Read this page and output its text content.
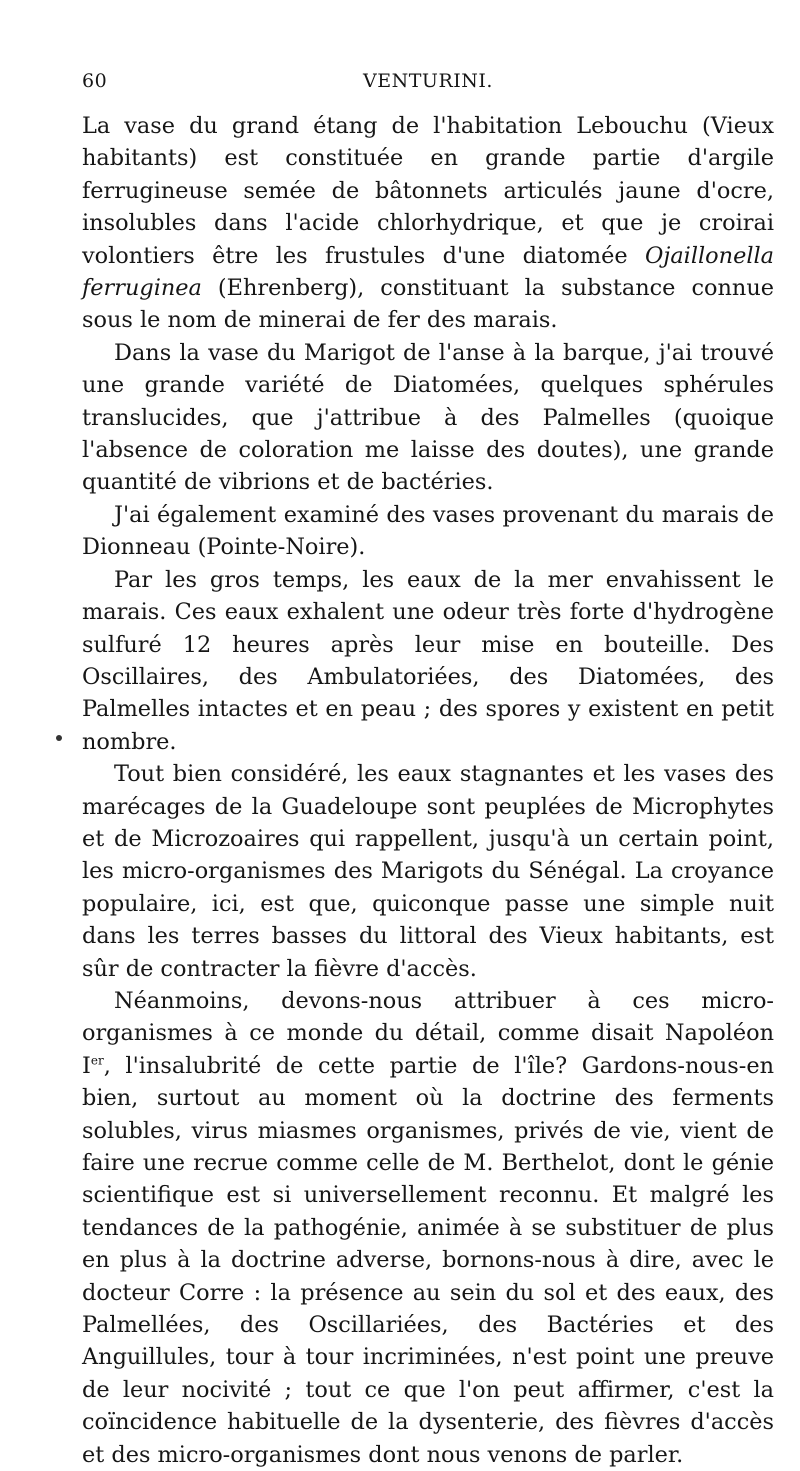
60	VENTURINI.

La vase du grand étang de l'habitation Lebouchu (Vieux habitants) est constituée en grande partie d'argile ferrugineuse semée de bâtonnets articulés jaune d'ocre, insolubles dans l'acide chlorhydrique, et que je croirai volontiers être les frustules d'une diatomée Ojaillonella ferruginea (Ehrenberg), constituant la substance connue sous le nom de minerai de fer des marais.

Dans la vase du Marigot de l'anse à la barque, j'ai trouvé une grande variété de Diatomées, quelques sphérules translucides, que j'attribue à des Palmelles (quoique l'absence de coloration me laisse des doutes), une grande quantité de vibrions et de bactéries.

J'ai également examiné des vases provenant du marais de Dionneau (Pointe-Noire).

Par les gros temps, les eaux de la mer envahissent le marais. Ces eaux exhalent une odeur très forte d'hydrogène sulfuré 12 heures après leur mise en bouteille. Des Oscillaires, des Ambulatoriées, des Diatomées, des Palmelles intactes et en peau ; des spores y existent en petit nombre.

Tout bien considéré, les eaux stagnantes et les vases des marécages de la Guadeloupe sont peuplées de Microphytes et de Microzoaires qui rappellent, jusqu'à un certain point, les micro-organismes des Marigots du Sénégal. La croyance populaire, ici, est que, quiconque passe une simple nuit dans les terres basses du littoral des Vieux habitants, est sûr de contracter la fièvre d'accès.

Néanmoins, devons-nous attribuer à ces micro-organismes à ce monde du détail, comme disait Napoléon Ier, l'insalubrité de cette partie de l'île? Gardons-nous-en bien, surtout au moment où la doctrine des ferments solubles, virus miasmes organismes, privés de vie, vient de faire une recrue comme celle de M. Berthelot, dont le génie scientifique est si universellement reconnu. Et malgré les tendances de la pathogénie, animée à se substituer de plus en plus à la doctrine adverse, bornons-nous à dire, avec le docteur Corre : la présence au sein du sol et des eaux, des Palmellées, des Oscillariées, des Bactéries et des Anguillules, tour à tour incriminées, n'est point une preuve de leur nocivité ; tout ce que l'on peut affirmer, c'est la coïncidence habituelle de la dysenterie, des fièvres d'accès et des micro-organismes dont nous venons de parler.
